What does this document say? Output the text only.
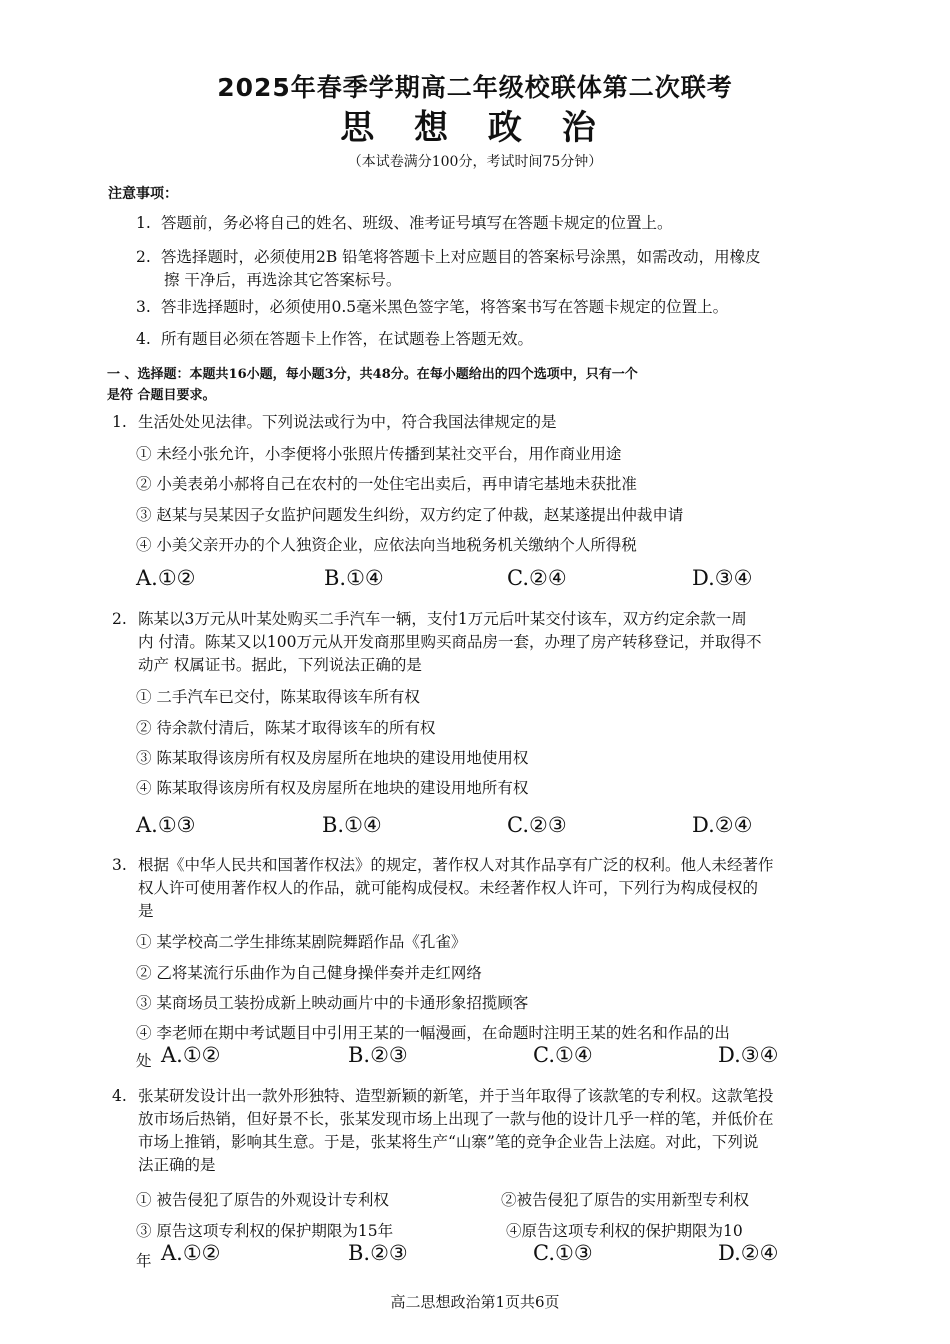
2025年春季学期高二年级校联体第二次联考
思 想 政 治
（本试卷满分100分，考试时间75分钟）
注意事项：
1. 答题前，务必将自己的姓名、班级、准考证号填写在答题卡规定的位置上。
2. 答选择题时，必须使用2B 铅笔将答题卡上对应题目的答案标号涂黑，如需改动，用橡皮
擦 干净后，再选涂其它答案标号。
3. 答非选择题时，必须使用0.5毫米黑色签字笔，将答案书写在答题卡规定的位置上。
4. 所有题目必须在答题卡上作答，在试题卷上答题无效。
一 、选择题：本题共16小题，每小题3分，共48分。在每小题给出的四个选项中，只有一个
是符 合题目要求。
1. 生活处处见法律。下列说法或行为中，符合我国法律规定的是
① 未经小张允许，小李便将小张照片传播到某社交平台，用作商业用途
② 小美表弟小郝将自己在农村的一处住宅出卖后，再申请宅基地未获批准
③ 赵某与吴某因子女监护问题发生纠纷，双方约定了仲裁，赵某遂提出仲裁申请
④ 小美父亲开办的个人独资企业，应依法向当地税务机关缴纳个人所得税
A.①②	B.①④	C.②④	D.③④
2. 陈某以3万元从叶某处购买二手汽车一辆，支付1万元后叶某交付该车，双方约定余款一周
内 付清。陈某又以100万元从开发商那里购买商品房一套，办理了房产转移登记，并取得不
动产 权属证书。据此，下列说法正确的是
① 二手汽车已交付，陈某取得该车所有权
② 待余款付清后，陈某才取得该车的所有权
③ 陈某取得该房所有权及房屋所在地块的建设用地使用权
④ 陈某取得该房所有权及房屋所在地块的建设用地所有权
A.①③	B.①④	C.②③	D.②④
3. 根据《中华人民共和国著作权法》的规定，著作权人对其作品享有广泛的权利。他人未经著作
权人许可使用著作权人的作品，就可能构成侵权。未经著作权人许可，下列行为构成侵权的
是
① 某学校高二学生排练某剧院舞蹈作品《孔雀》
② 乙将某流行乐曲作为自己健身操伴奏并走红网络
③ 某商场员工装扮成新上映动画片中的卡通形象招揽顾客
④ 李老师在期中考试题目中引用王某的一幅漫画，在命题时注明王某的姓名和作品的出
处 A.①②	B.②③	C.①④	D.③④
4. 张某研发设计出一款外形独特、造型新颖的新笔，并于当年取得了该款笔的专利权。这款笔投
放市场后热销，但好景不长，张某发现市场上出现了一款与他的设计几乎一样的笔，并低价在
市场上推销，影响其生意。于是，张某将生产“山寨”笔的竞争企业告上法庭。对此，下列说
法正确的是
① 被告侵犯了原告的外观设计专利权	②被告侵犯了原告的实用新型专利权
③ 原告这项专利权的保护期限为15年	④原告这项专利权的保护期限为10
年 A.①②	B.②③	C.①③	D.②④
高二思想政治第1页共6页
